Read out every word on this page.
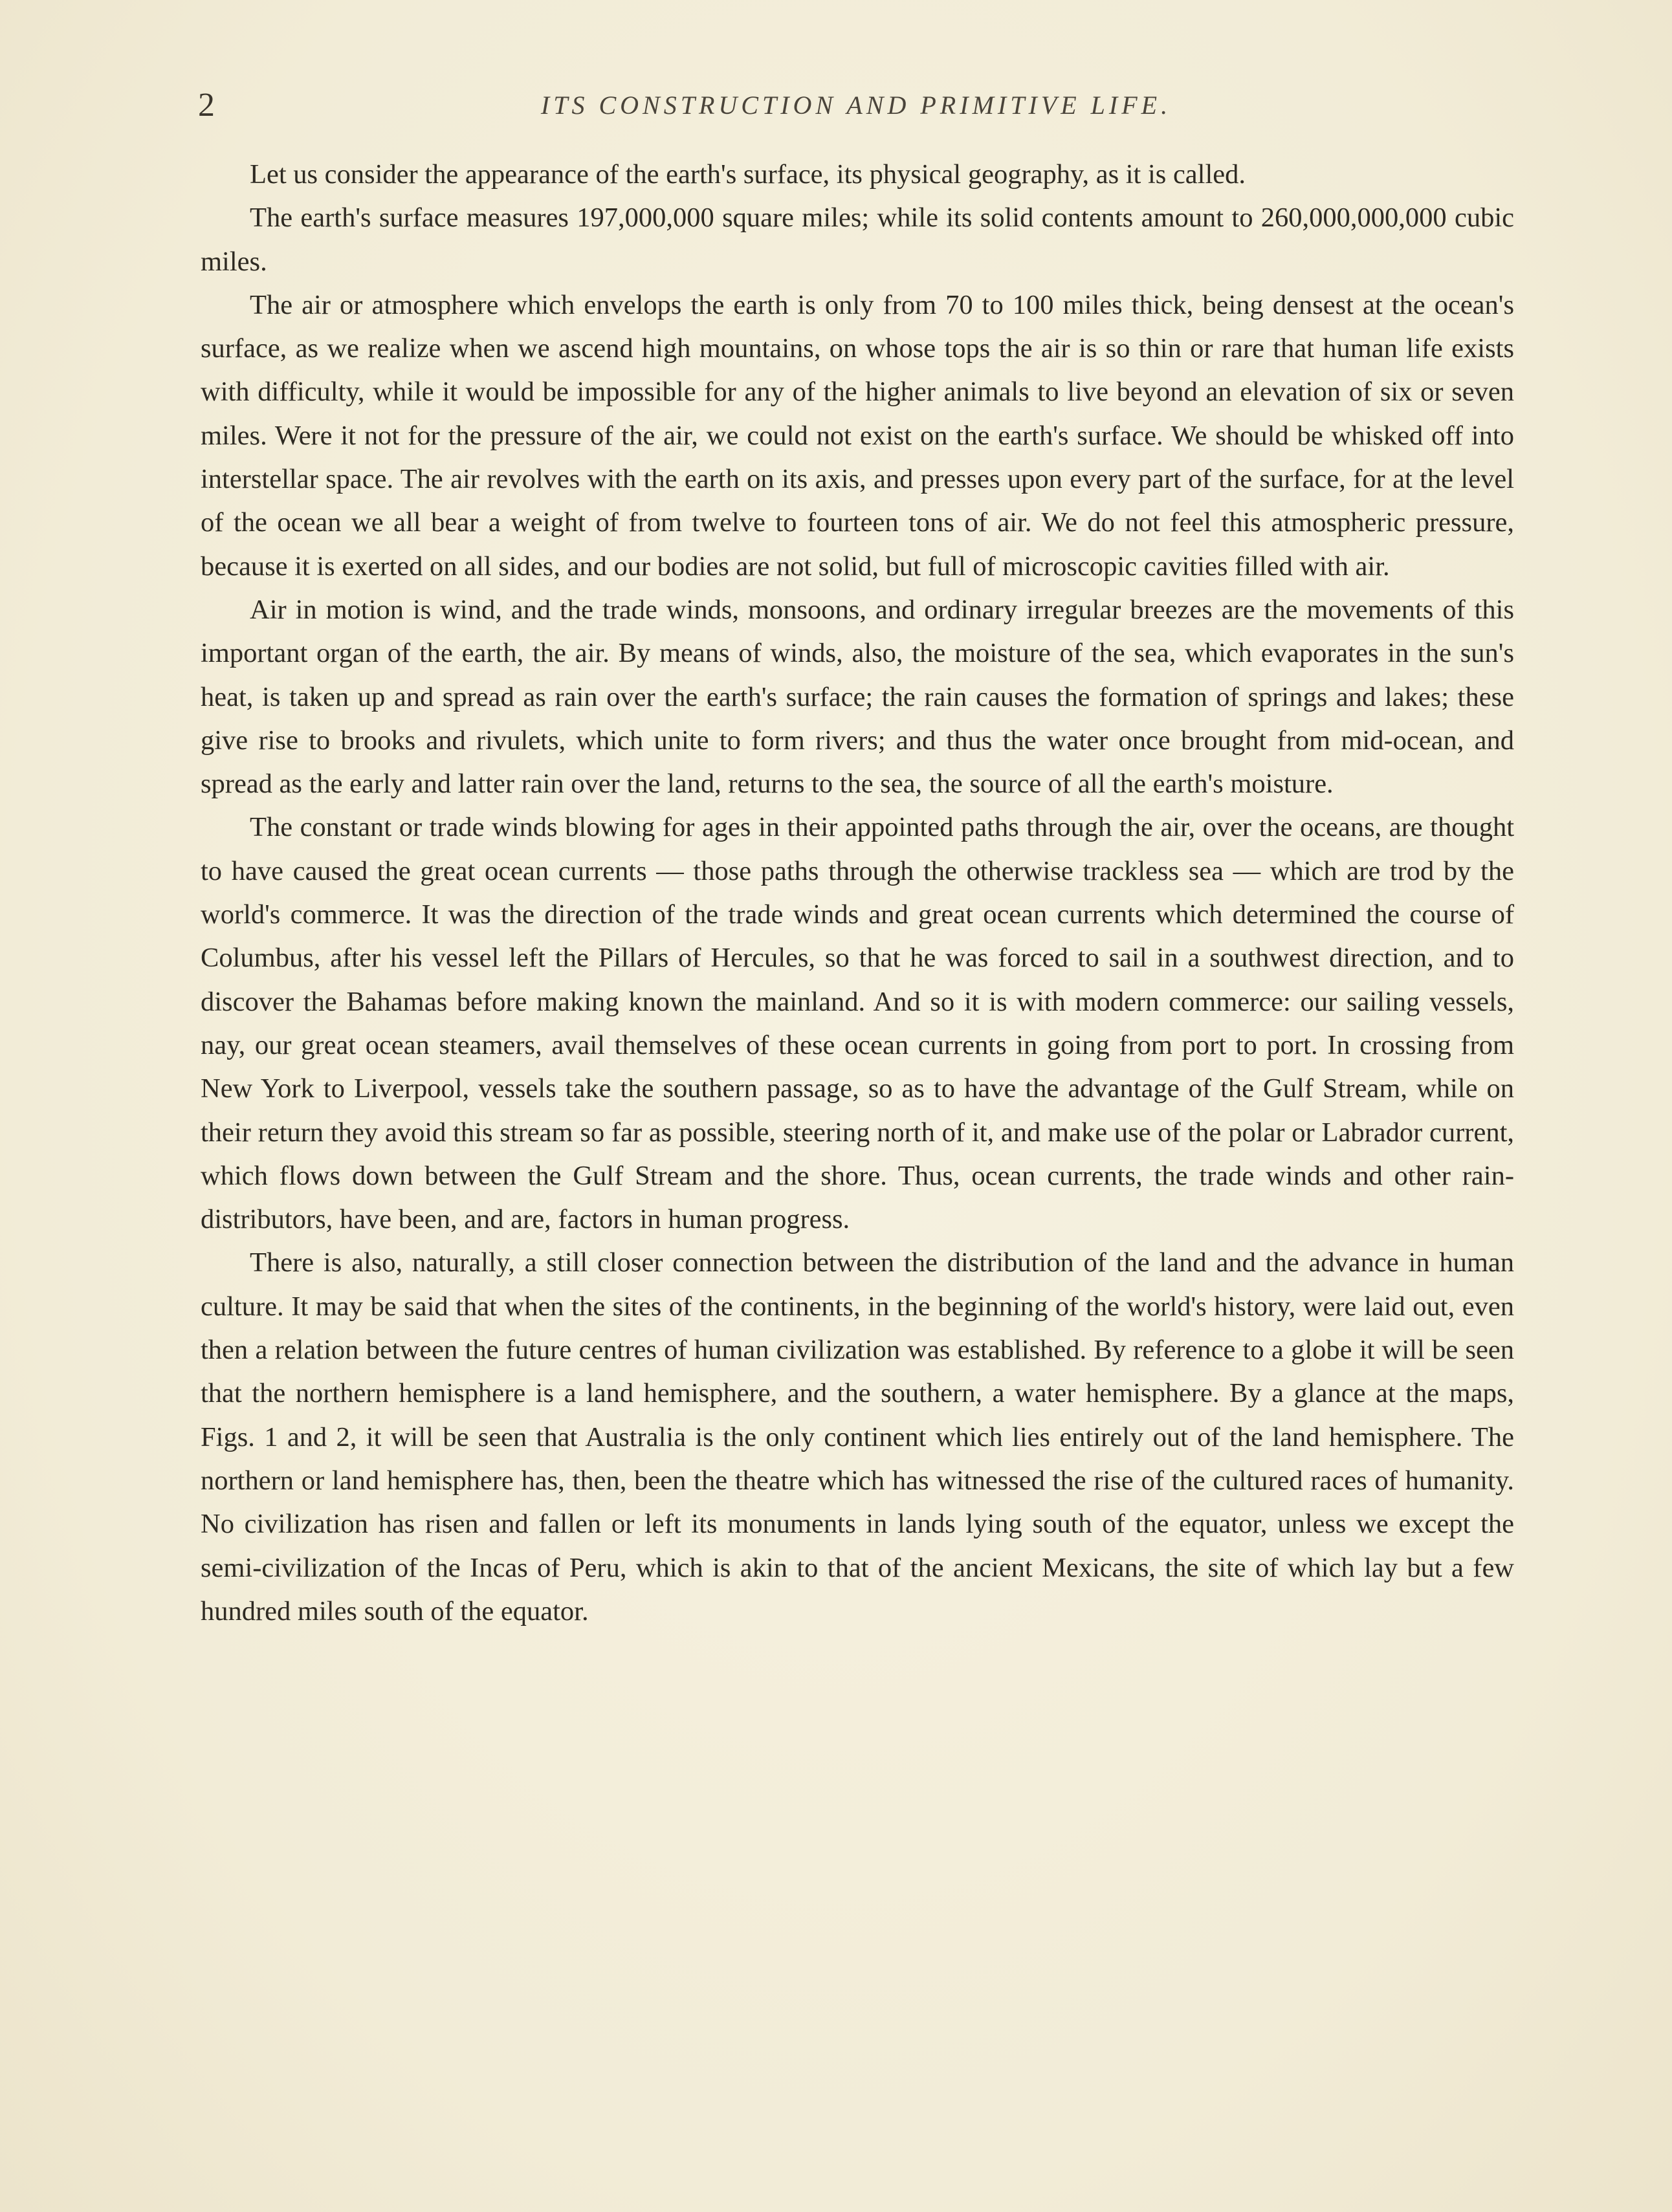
2	ITS CONSTRUCTION AND PRIMITIVE LIFE.

Let us consider the appearance of the earth's surface, its physical geography, as it is called.

The earth's surface measures 197,000,000 square miles; while its solid contents amount to 260,000,000,000 cubic miles.

The air or atmosphere which envelops the earth is only from 70 to 100 miles thick, being densest at the ocean's surface, as we realize when we ascend high mountains, on whose tops the air is so thin or rare that human life exists with difficulty, while it would be impossible for any of the higher animals to live beyond an elevation of six or seven miles. Were it not for the pressure of the air, we could not exist on the earth's surface. We should be whisked off into interstellar space. The air revolves with the earth on its axis, and presses upon every part of the surface, for at the level of the ocean we all bear a weight of from twelve to fourteen tons of air. We do not feel this atmospheric pressure, because it is exerted on all sides, and our bodies are not solid, but full of microscopic cavities filled with air.

Air in motion is wind, and the trade winds, monsoons, and ordinary irregular breezes are the movements of this important organ of the earth, the air. By means of winds, also, the moisture of the sea, which evaporates in the sun's heat, is taken up and spread as rain over the earth's surface; the rain causes the formation of springs and lakes; these give rise to brooks and rivulets, which unite to form rivers; and thus the water once brought from mid-ocean, and spread as the early and latter rain over the land, returns to the sea, the source of all the earth's moisture.

The constant or trade winds blowing for ages in their appointed paths through the air, over the oceans, are thought to have caused the great ocean currents — those paths through the otherwise trackless sea — which are trod by the world's commerce. It was the direction of the trade winds and great ocean currents which determined the course of Columbus, after his vessel left the Pillars of Hercules, so that he was forced to sail in a southwest direction, and to discover the Bahamas before making known the mainland. And so it is with modern commerce: our sailing vessels, nay, our great ocean steamers, avail themselves of these ocean currents in going from port to port. In crossing from New York to Liverpool, vessels take the southern passage, so as to have the advantage of the Gulf Stream, while on their return they avoid this stream so far as possible, steering north of it, and make use of the polar or Labrador current, which flows down between the Gulf Stream and the shore. Thus, ocean currents, the trade winds and other rain-distributors, have been, and are, factors in human progress.

There is also, naturally, a still closer connection between the distribution of the land and the advance in human culture. It may be said that when the sites of the continents, in the beginning of the world's history, were laid out, even then a relation between the future centres of human civilization was established. By reference to a globe it will be seen that the northern hemisphere is a land hemisphere, and the southern, a water hemisphere. By a glance at the maps, Figs. 1 and 2, it will be seen that Australia is the only continent which lies entirely out of the land hemisphere. The northern or land hemisphere has, then, been the theatre which has witnessed the rise of the cultured races of humanity. No civilization has risen and fallen or left its monuments in lands lying south of the equator, unless we except the semi-civilization of the Incas of Peru, which is akin to that of the ancient Mexicans, the site of which lay but a few hundred miles south of the equator.
